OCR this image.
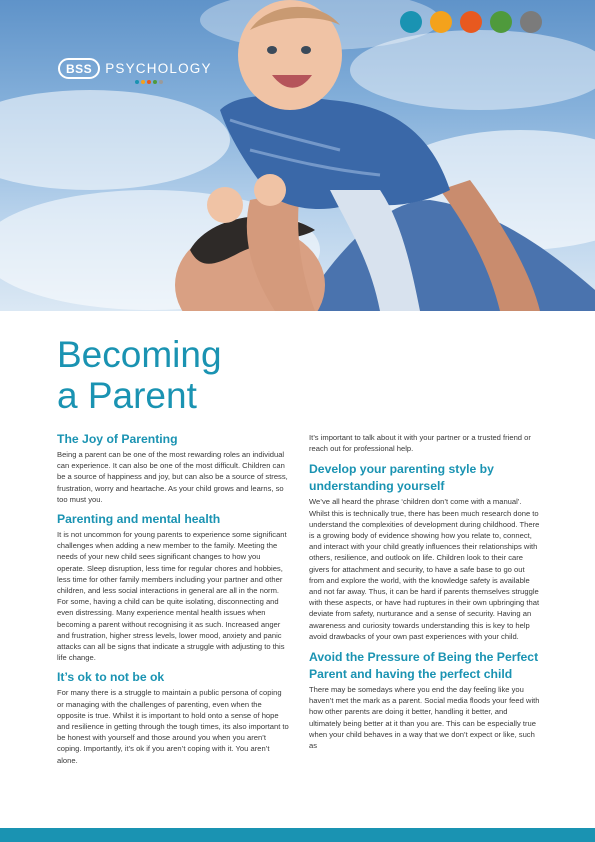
BSS PSYCHOLOGY
Becoming
a Parent
The Joy of Parenting

Being a parent can be one of the most rewarding roles an individual can experience. It can also be one of the most difficult. Children can be a source of happiness and joy, but can also be a source of stress, frustration, worry and heartache. As your child grows and learns, so too must you.

Parenting and mental health

It is not uncommon for young parents to experience some significant challenges when adding a new member to the family. Meeting the needs of your new child sees significant changes to how you operate. Sleep disruption, less time for regular chores and hobbies, less time for other family members including your partner and other children, and less social interactions in general are all in the norm. For some, having a child can be quite isolating, disconnecting and even distressing. Many experience mental health issues when becoming a parent without recognising it as such. Increased anger and frustration, higher stress levels, lower mood, anxiety and panic attacks can all be signs that indicate a struggle with adjusting to this life change.

It’s ok to not be ok

For many there is a struggle to maintain a public persona of coping or managing with the challenges of parenting, even when the opposite is true. Whilst it is important to hold onto a sense of hope and resilience in getting through the tough times, its also important to be honest with yourself and those around you when you aren’t coping. Importantly, it’s ok if you aren’t coping with it. You aren’t alone.

It’s important to talk about it with your partner or a trusted friend or reach out for professional help.

Develop your parenting style by understanding yourself

We’ve all heard the phrase ‘children don’t come with a manual’. Whilst this is technically true, there has been much research done to understand the complexities of development during childhood. There is a growing body of evidence showing how you relate to, connect, and interact with your child greatly influences their relationships with others, resilience, and outlook on life. Children look to their care givers for attachment and security, to have a safe base to go out from and explore the world, with the knowledge safety is available and not far away. Thus, it can be hard if parents themselves struggle with these aspects, or have had ruptures in their own upbringing that deviate from safety, nurturance and a sense of security. Having an awareness and curiosity towards understanding this is key to help avoid drawbacks of your own past experiences with your child.

Avoid the Pressure of Being the Perfect Parent and having the perfect child

There may be somedays where you end the day feeling like you haven’t met the mark as a parent. Social media floods your feed with how other parents are doing it better, handling it better, and ultimately being better at it than you are. This can be especially true when your child behaves in a way that we don’t expect or like, such as
